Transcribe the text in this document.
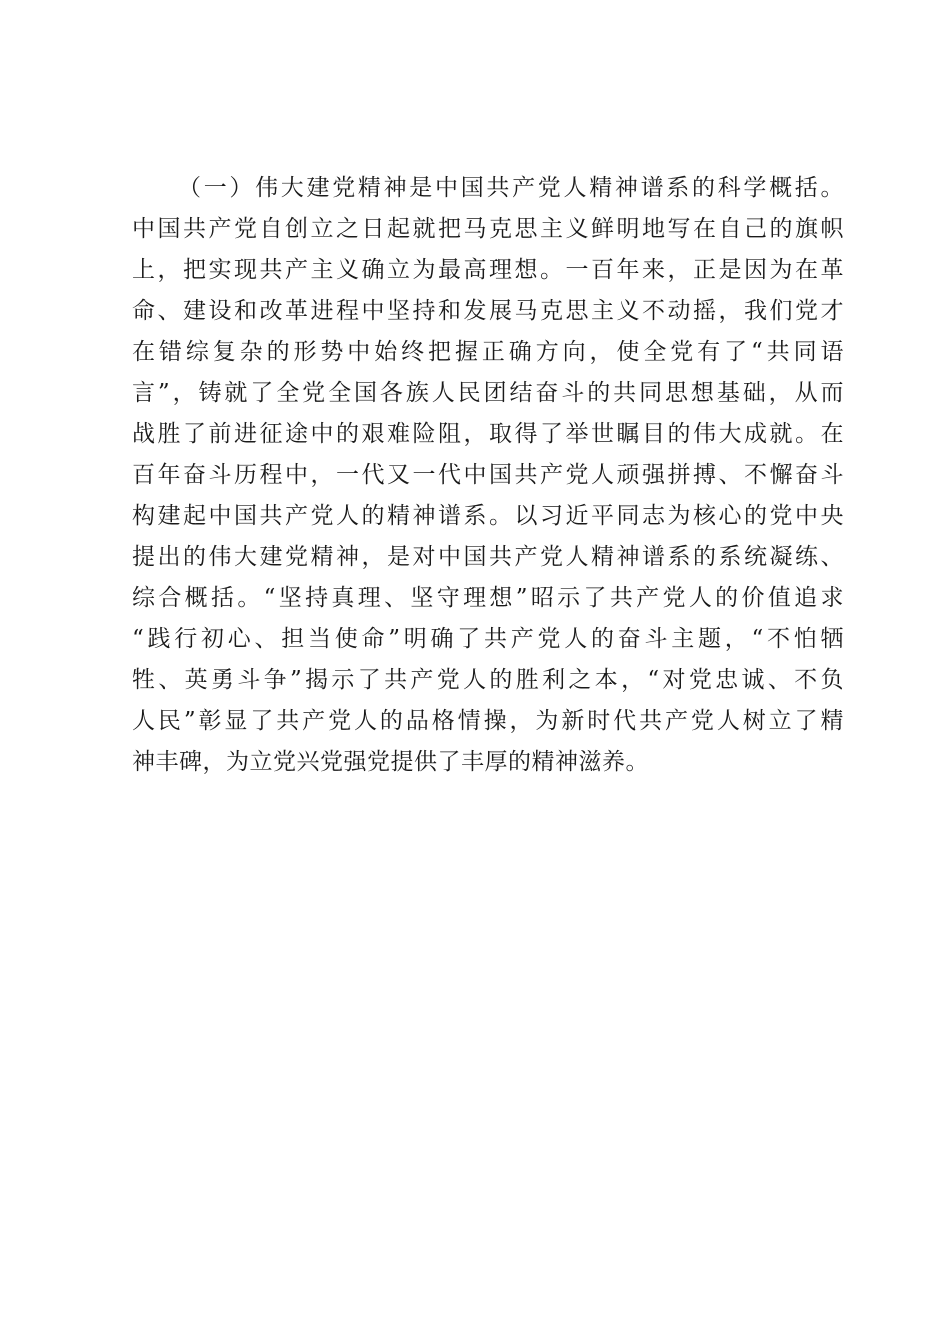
（一）伟大建党精神是中国共产党人精神谱系的科学概括。
中国共产党自创立之日起就把马克思主义鲜明地写在自己的旗帜
上，把实现共产主义确立为最高理想。一百年来，正是因为在革
命、建设和改革进程中坚持和发展马克思主义不动摇，我们党才
在错综复杂的形势中始终把握正确方向，使全党有了“共同语
言”，铸就了全党全国各族人民团结奋斗的共同思想基础，从而
战胜了前进征途中的艰难险阻，取得了举世瞩目的伟大成就。在
百年奋斗历程中，一代又一代中国共产党人顽强拼搏、不懈奋斗
构建起中国共产党人的精神谱系。以习近平同志为核心的党中央
提出的伟大建党精神，是对中国共产党人精神谱系的系统凝练、
综合概括。“坚持真理、坚守理想”昭示了共产党人的价值追求
“践行初心、担当使命”明确了共产党人的奋斗主题，“不怕牺
牲、英勇斗争”揭示了共产党人的胜利之本，“对党忠诚、不负
人民”彰显了共产党人的品格情操，为新时代共产党人树立了精
神丰碑，为立党兴党强党提供了丰厚的精神滋养。
